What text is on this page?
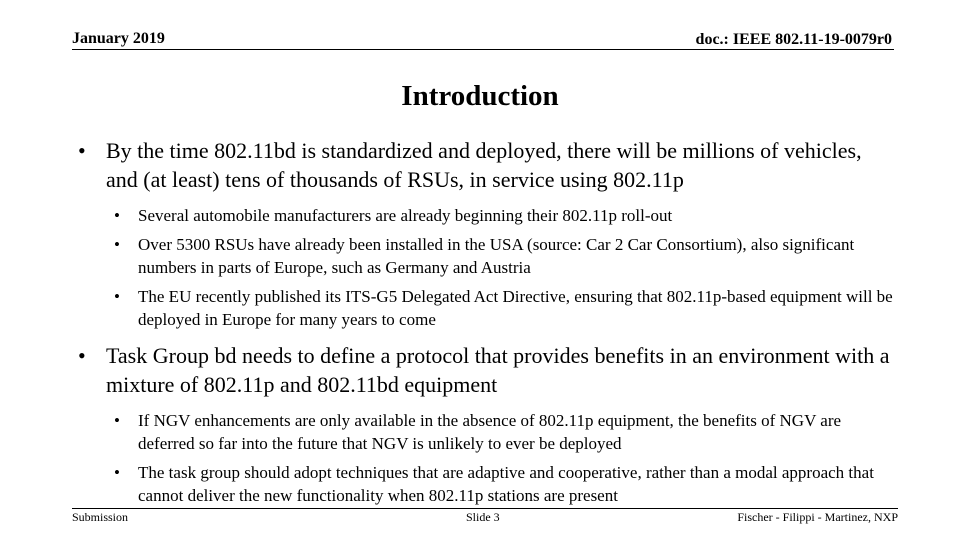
January 2019	doc.: IEEE 802.11-19-0079r0
Introduction
• By the time 802.11bd is standardized and deployed, there will be millions of vehicles, and (at least) tens of thousands of RSUs, in service using 802.11p
• Several automobile manufacturers are already beginning their 802.11p roll-out
• Over 5300 RSUs have already been installed in the USA (source: Car 2 Car Consortium), also significant numbers in parts of Europe, such as Germany and Austria
• The EU recently published its ITS-G5 Delegated Act Directive, ensuring that 802.11p-based equipment will be deployed in Europe for many years to come
• Task Group bd needs to define a protocol that provides benefits in an environment with a mixture of 802.11p and 802.11bd equipment
• If NGV enhancements are only available in the absence of 802.11p equipment, the benefits of NGV are deferred so far into the future that NGV is unlikely to ever be deployed
• The task group should adopt techniques that are adaptive and cooperative, rather than a modal approach that cannot deliver the new functionality when 802.11p stations are present
Submission	Slide 3	Fischer - Filippi - Martinez, NXP
